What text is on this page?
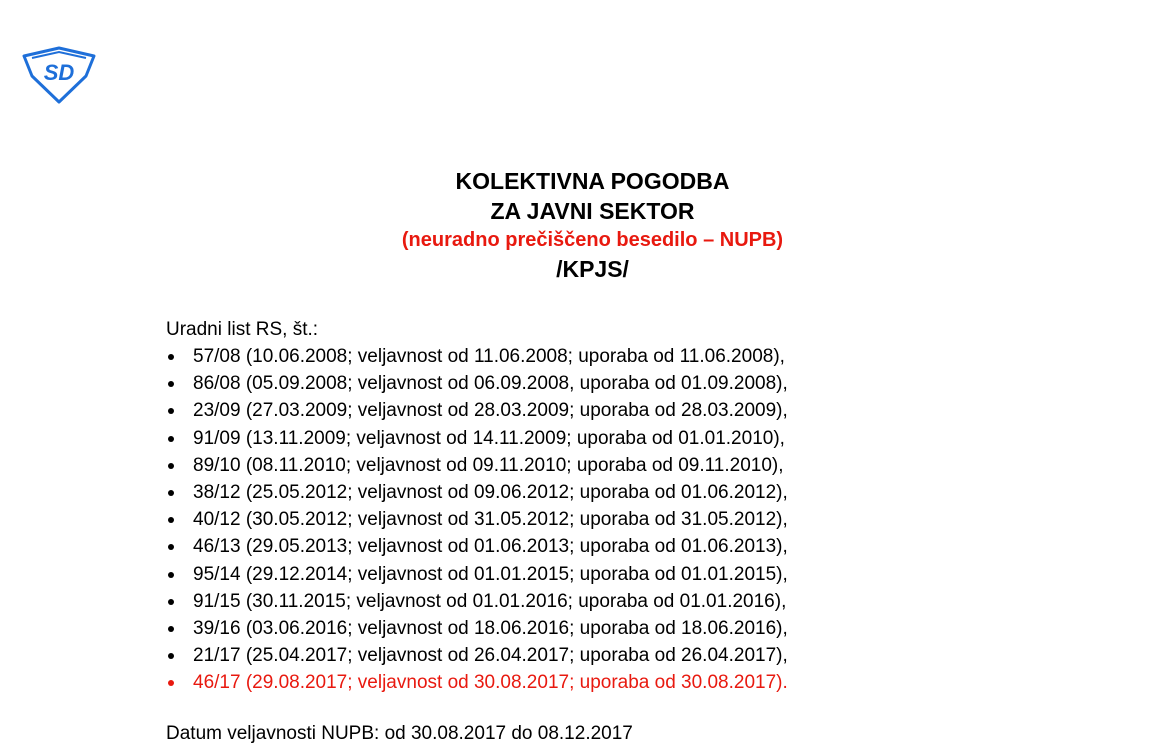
SD
KOLEKTIVNA POGODBA
ZA JAVNI SEKTOR
(neuradno prečiščeno besedilo – NUPB)
/KPJS/
Uradni list RS, št.:
57/08 (10.06.2008; veljavnost od 11.06.2008; uporaba od 11.06.2008),
86/08 (05.09.2008; veljavnost od 06.09.2008, uporaba od 01.09.2008),
23/09 (27.03.2009; veljavnost od 28.03.2009; uporaba od 28.03.2009),
91/09 (13.11.2009; veljavnost od 14.11.2009; uporaba od 01.01.2010),
89/10 (08.11.2010; veljavnost od 09.11.2010; uporaba od 09.11.2010),
38/12 (25.05.2012; veljavnost od 09.06.2012; uporaba od 01.06.2012),
40/12 (30.05.2012; veljavnost od 31.05.2012; uporaba od 31.05.2012),
46/13 (29.05.2013; veljavnost od 01.06.2013; uporaba od 01.06.2013),
95/14 (29.12.2014; veljavnost od 01.01.2015; uporaba od 01.01.2015),
91/15 (30.11.2015; veljavnost od 01.01.2016; uporaba od 01.01.2016),
39/16 (03.06.2016; veljavnost od 18.06.2016; uporaba od 18.06.2016),
21/17 (25.04.2017; veljavnost od 26.04.2017; uporaba od 26.04.2017),
46/17 (29.08.2017; veljavnost od 30.08.2017; uporaba od 30.08.2017).
Datum veljavnosti NUPB: od 30.08.2017 do 08.12.2017
